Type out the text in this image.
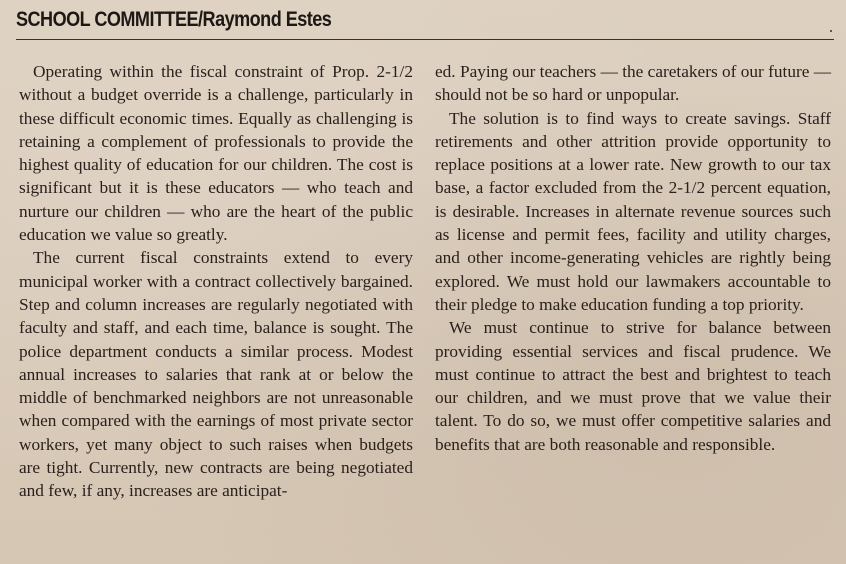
SCHOOL COMMITTEE/Raymond Estes

Operating within the fiscal constraint of Prop. 2-1/2 without a budget override is a challenge, particularly in these difficult economic times. Equally as challenging is retaining a complement of professionals to provide the highest quality of education for our children. The cost is significant but it is these educators — who teach and nurture our children — who are the heart of the public education we value so greatly.

The current fiscal constraints extend to every municipal worker with a contract collectively bargained. Step and column increases are regularly negotiated with faculty and staff, and each time, balance is sought. The police department conducts a similar process. Modest annual increases to salaries that rank at or below the middle of benchmarked neighbors are not unreasonable when compared with the earnings of most private sector workers, yet many object to such raises when budgets are tight. Currently, new contracts are being negotiated and few, if any, increases are anticipat-

ed. Paying our teachers — the caretakers of our future — should not be so hard or unpopular.

The solution is to find ways to create savings. Staff retirements and other attrition provide opportunity to replace positions at a lower rate. New growth to our tax base, a factor excluded from the 2-1/2 percent equation, is desirable. Increases in alternate revenue sources such as license and permit fees, facility and utility charges, and other income-generating vehicles are rightly being explored. We must hold our lawmakers accountable to their pledge to make education funding a top priority.

We must continue to strive for balance between providing essential services and fiscal prudence. We must continue to attract the best and brightest to teach our children, and we must prove that we value their talent. To do so, we must offer competitive salaries and benefits that are both reasonable and responsible.
